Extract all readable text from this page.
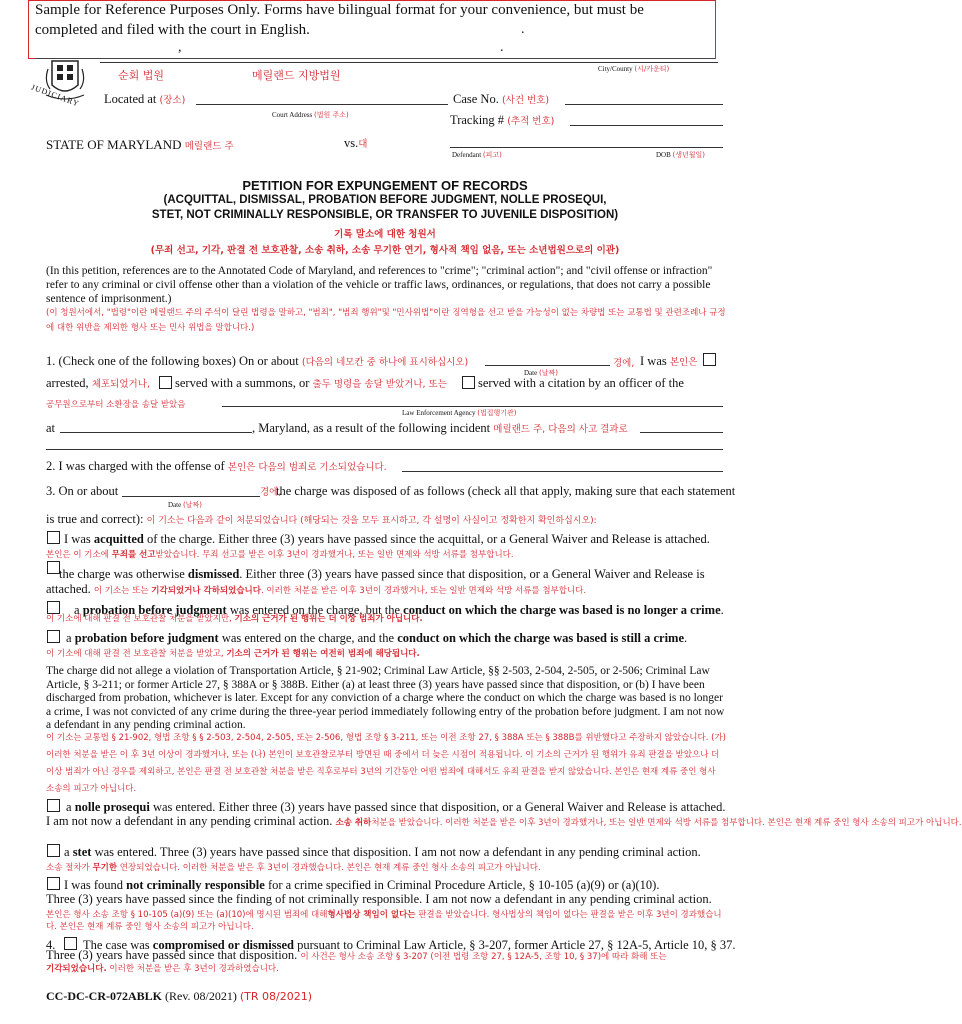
Sample for Reference Purposes Only. Forms have bilingual format for your convenience, but must be
completed and filed with the court in English.
,
.
.
JUDICIARY
순회 법원	메릴랜드 지방법원	City/County (시/카운티)
Located at (장소)
Court Address (법원 주소)
Case No. (사건 번호)
Tracking # (추적 번호)
STATE OF MARYLAND 메릴랜드 주	vs.대
Defendant (피고)	DOB (생년월일)
PETITION FOR EXPUNGEMENT OF RECORDS
(ACQUITTAL, DISMISSAL, PROBATION BEFORE JUDGMENT, NOLLE PROSEQUI,
STET, NOT CRIMINALLY RESPONSIBLE, OR TRANSFER TO JUVENILE DISPOSITION)
기록 말소에 대한 청원서
(무죄 선고, 기각, 판결 전 보호관찰, 소송 취하, 소송 무기한 연기, 형사적 책임 없음, 또는 소년법원으로의 이관)
(In this petition, references are to the Annotated Code of Maryland, and references to "crime"; "criminal action"; and "civil offense or infraction" refer to any criminal or civil offense other than a violation of the vehicle or traffic laws, ordinances, or regulations, that does not carry a possible sentence of imprisonment.)
(이 청원서에서, "법령"이란 메릴랜드 주의 주석이 달린 법령을 말하고, "범죄", "범죄 행위"및 "민사위법"이란 징역형을 선고 받을 가능성이 없는 차량법 또는 교통법 및 관련조례나 규정에 대한 위반을 제외한 형사 또는 민사 위법을 말합니다.)
1. (Check one of the following boxes) On or about (다음의 네모칸 중 하나에 표시하십시오)	경에, I was 본인은
Date (날짜)
arrested, 체포되었거나, served with a summons, or 출두 명령을 송달 받았거나, 또는 served with a citation by an officer of the
공무원으로부터 소환장을 송달 받았음
Law Enforcement Agency (법집행기관)
at	, Maryland, as a result of the following incident 메릴랜드 주, 다음의 사고 결과로
2. I was charged with the offense of 본인은 다음의 범죄로 기소되었습니다.
3. On or about	경에,
the charge was disposed of as follows (check all that apply, making sure that each statement
Date (날짜)
is true and correct): 이 기소는 다음과 같이 처분되었습니다 (해당되는 것을 모두 표시하고, 각 설명이 사실이고 정확한지 확인하십시오):
I was acquitted of the charge. Either three (3) years have passed since the acquittal, or a General Waiver and Release is attached.
본인은 이 기소에 무죄를 선고받았습니다. 무죄 선고를 받은 이후 3년이 경과했거나, 또는 일반 면제와 석방 서류를 첨부합니다.
the charge was otherwise dismissed. Either three (3) years have passed since that disposition, or a General Waiver and Release is
attached. 이 기소는 또는 기각되었거나 각하되었습니다. 이러한 처분을 받은 이후 3년이 경과했거나, 또는 일반 면제와 석방 서류를 첨부합니다.
a probation before judgment was entered on the charge, but the conduct on which the charge was based is no longer a crime.
이 기소에 대해 판결 전 보호관찰 처분을 받았지만, 기소의 근거가 된 행위는 더 이상 범죄가 아닙니다.
a probation before judgment was entered on the charge, and the conduct on which the charge was based is still a crime.
이 기소에 대해 판결 전 보호관찰 처분을 받았고, 기소의 근거가 된 행위는 여전히 범죄에 해당됩니다.
The charge did not allege a violation of Transportation Article, § 21-902; Criminal Law Article, §§ 2-503, 2-504, 2-505, or 2-506; Criminal Law Article, § 3-211; or former Article 27, § 388A or § 388B. Either (a) at least three (3) years have passed since that disposition, or (b) I have been discharged from probation, whichever is later. Except for any conviction of a charge where the conduct on which the charge was based is no longer a crime, I was not convicted of any crime during the three-year period immediately following entry of the probation before judgment. I am not now a defendant in any pending criminal action.
이 기소는 교통법 § 21-902, 형법 조항 § § 2-503, 2-504, 2-505, 또는 2-506, 형법 조항 § 3-211, 또는 이전 조항 27, § 388A 또는 § 388B를 위반했다고 주장하지 않았습니다. (가) 이러한 처분을 받은 이 후 3년 이상이 경과했거나, 또는 (나) 본인이 보호관찰로부터 방면된 때 중에서 더 늦은 시점이 적용됩니다. 이 기소의 근거가 된 행위가 유죄 판결을 받았으나 더 이상 범죄가 아닌 경우를 제외하고, 본인은 판결 전 보호관찰 처분을 받은 직후로부터 3년의 기간동안 어떤 범죄에 대해서도 유죄 판결을 받지 않았습니다. 본인은 현재 계류 중인 형사 소송의 피고가 아닙니다.
a nolle prosequi was entered. Either three (3) years have passed since that disposition, or a General Waiver and Release is attached.
I am not now a defendant in any pending criminal action. 소송 취하처분을 받았습니다. 이러한 처분을 받은 이후 3년이 경과했거나, 또는 일반 면제와 석방 서류를 첨부합니다. 본인은 현재 계류 중인 형사 소송의 피고가 아닙니다.
a stet was entered. Three (3) years have passed since that disposition. I am not now a defendant in any pending criminal action.
소송 절차가 무기한 연장되었습니다. 이러한 처분을 받은 후 3년이 경과했습니다. 본인은 현재 계류 중인 형사 소송의 피고가 아닙니다.
I was found not criminally responsible for a crime specified in Criminal Procedure Article, § 10-105 (a)(9) or (a)(10).
Three (3) years have passed since the finding of not criminally responsible. I am not now a defendant in any pending criminal action.
본인은 형사 소송 조항 § 10-105 (a)(9) 또는 (a)(10)에 명시된 범죄에 대해형사법상 책임이 없다는 판결을 받았습니다. 형사법상의 책임이 없다는 판결을 받은 이후 3년이 경과했습니다. 본인은 현재 계류 중인 형사 소송의 피고가 아닙니다.
4. The case was compromised or dismissed pursuant to Criminal Law Article, § 3-207, former Article 27, § 12A-5, Article 10, § 37.
Three (3) years have passed since that disposition. 이 사건은 형사 소송 조항 § 3-207 (이전 법령 조항 27, § 12A-5, 조항 10, § 37)에 따라 화해 또는
기각되었습니다. 이러한 처분을 받은 후 3년이 경과하였습니다.
CC-DC-CR-072ABLK (Rev. 08/2021) (TR 08/2021)
